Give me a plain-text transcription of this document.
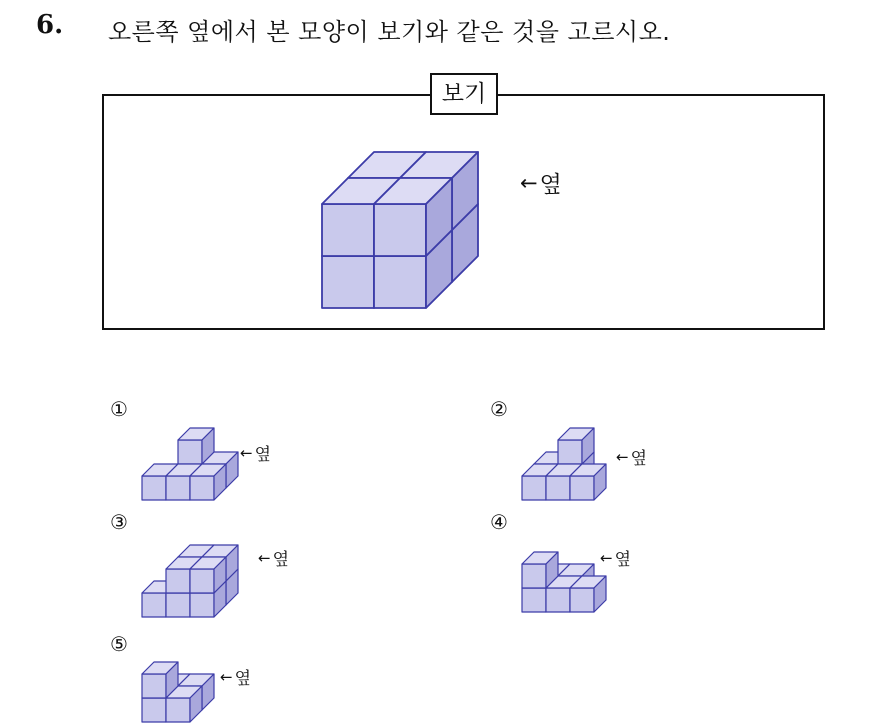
6. 오른쪽 옆에서 본 모양이 보기와 같은 것을 고르시오.
보기
← 옆
①
← 옆
②
← 옆
③
← 옆
④
← 옆
⑤
← 옆
